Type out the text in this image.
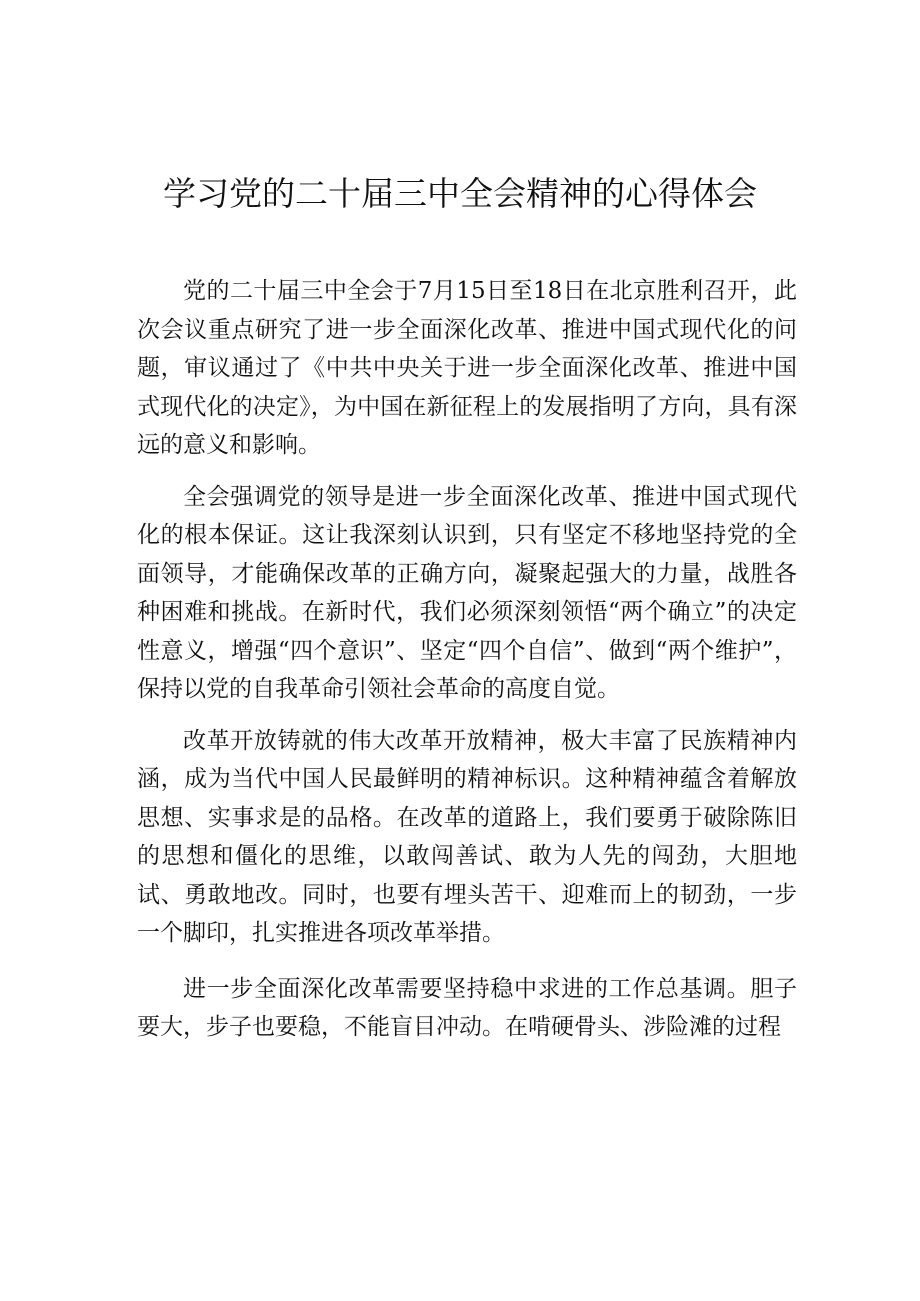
学习党的二十届三中全会精神的心得体会

党的二十届三中全会于7月15日至18日在北京胜利召开，此次会议重点研究了进一步全面深化改革、推进中国式现代化的问题，审议通过了《中共中央关于进一步全面深化改革、推进中国式现代化的决定》，为中国在新征程上的发展指明了方向，具有深远的意义和影响。

全会强调党的领导是进一步全面深化改革、推进中国式现代化的根本保证。这让我深刻认识到，只有坚定不移地坚持党的全面领导，才能确保改革的正确方向，凝聚起强大的力量，战胜各种困难和挑战。在新时代，我们必须深刻领悟“两个确立”的决定性意义，增强“四个意识”、坚定“四个自信”、做到“两个维护”，保持以党的自我革命引领社会革命的高度自觉。

改革开放铸就的伟大改革开放精神，极大丰富了民族精神内涵，成为当代中国人民最鲜明的精神标识。这种精神蕴含着解放思想、实事求是的品格。在改革的道路上，我们要勇于破除陈旧的思想和僵化的思维，以敢闯善试、敢为人先的闯劲，大胆地试、勇敢地改。同时，也要有埋头苦干、迎难而上的韧劲，一步一个脚印，扎实推进各项改革举措。

进一步全面深化改革需要坚持稳中求进的工作总基调。胆子要大，步子也要稳，不能盲目冲动。在啃硬骨头、涉险滩的过程
